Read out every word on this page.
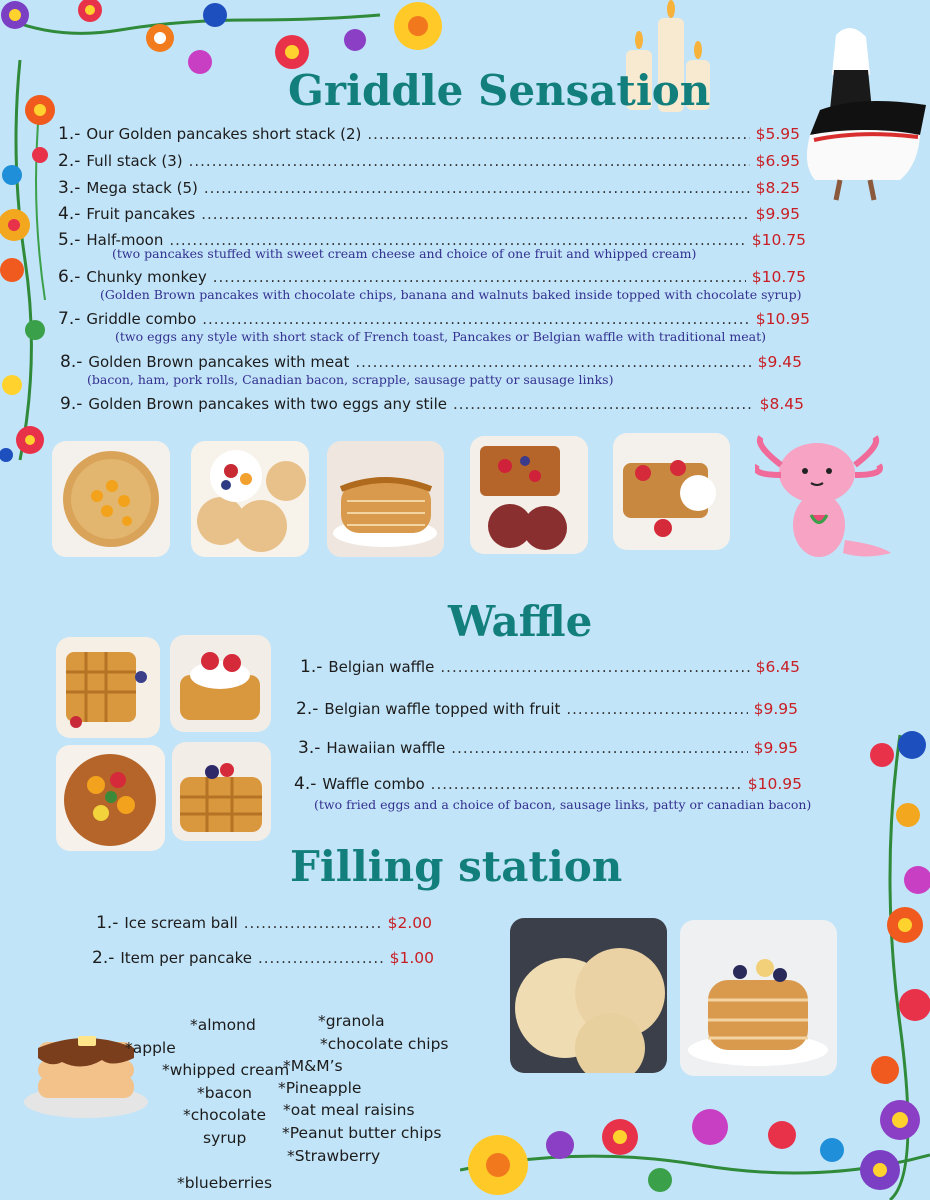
Griddle Sensation
1.- Our Golden pancakes short stack (2) .....	$5.95
2.- Full stack (3) .....	$6.95
3.- Mega stack (5) .....	$8.25
4.- Fruit pancakes .....	$9.95
5.- Half-moon .....	$10.75
(two pancakes stuffed with sweet cream cheese and choice of one fruit and whipped cream)
6.- Chunky monkey .....	$10.75
(Golden Brown pancakes with chocolate chips, banana and walnuts baked inside topped with chocolate syrup)
7.- Griddle combo .....	$10.95
(two eggs any style with short stack of French toast, Pancakes or Belgian waffle with traditional meat)
8.- Golden Brown pancakes with meat .....	$9.45
(bacon, ham, pork rolls, Canadian bacon, scrapple, sausage patty or sausage links)
9.- Golden Brown pancakes with two eggs any stile .....	$8.45
Waffle
1.- Belgian waffle .....	$6.45
2.- Belgian waffle topped with fruit .....	$9.95
3.- Hawaiian waffle .....	$9.95
4.- Waffle combo .....	$10.95
(two fried eggs and a choice of bacon, sausage links, patty or canadian bacon)
Filling station
1.- Ice scream ball .....	$2.00
2.- Item per pancake .....	$1.00
*almond
*apple
*whipped cream
*bacon
*chocolate
syrup
*blueberries
*granola
*chocolate chips
*M&M’s
*Pineapple
*oat meal raisins
*Peanut butter chips
*Strawberry
